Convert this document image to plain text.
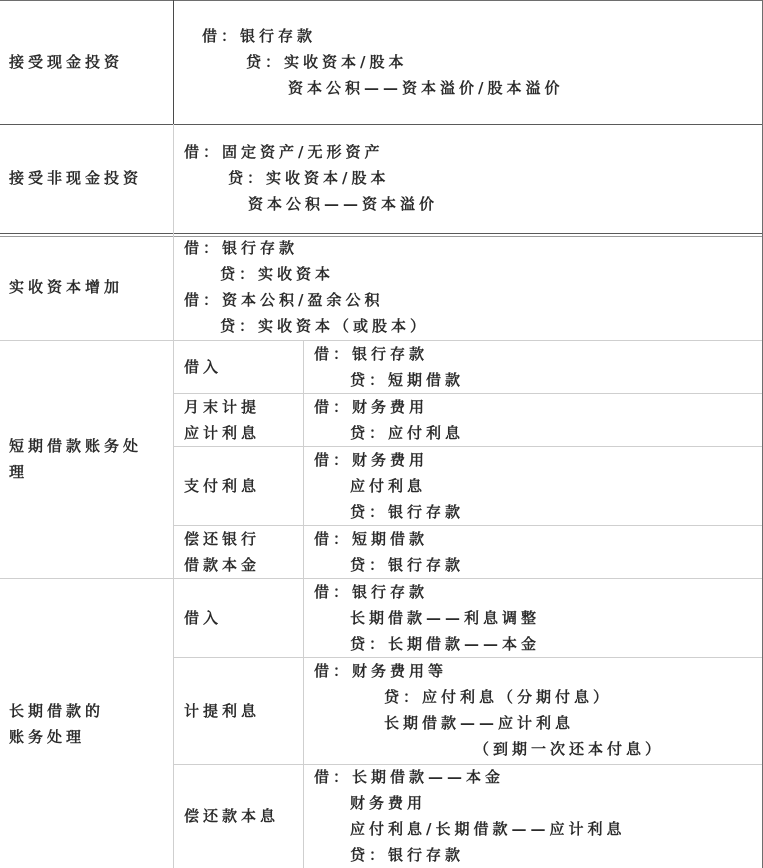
接受现金投资
借：银行存款
贷：实收资本/股本
资本公积——资本溢价/股本溢价
接受非现金投资
借：固定资产/无形资产
贷：实收资本/股本
资本公积——资本溢价
实收资本增加
借：银行存款
贷：实收资本
借：资本公积/盈余公积
贷：实收资本（或股本）
短期借款账务处
理
借入
借：银行存款
贷：短期借款
月末计提
应计利息
借：财务费用
贷：应付利息
支付利息
借：财务费用
应付利息
贷：银行存款
偿还银行
借款本金
借：短期借款
贷：银行存款
长期借款的
账务处理
借入
借：银行存款
长期借款——利息调整
贷：长期借款——本金
计提利息
借：财务费用等
贷：应付利息（分期付息）
长期借款——应计利息
（到期一次还本付息）
偿还款本息
借：长期借款——本金
财务费用
应付利息/长期借款——应计利息
贷：银行存款
